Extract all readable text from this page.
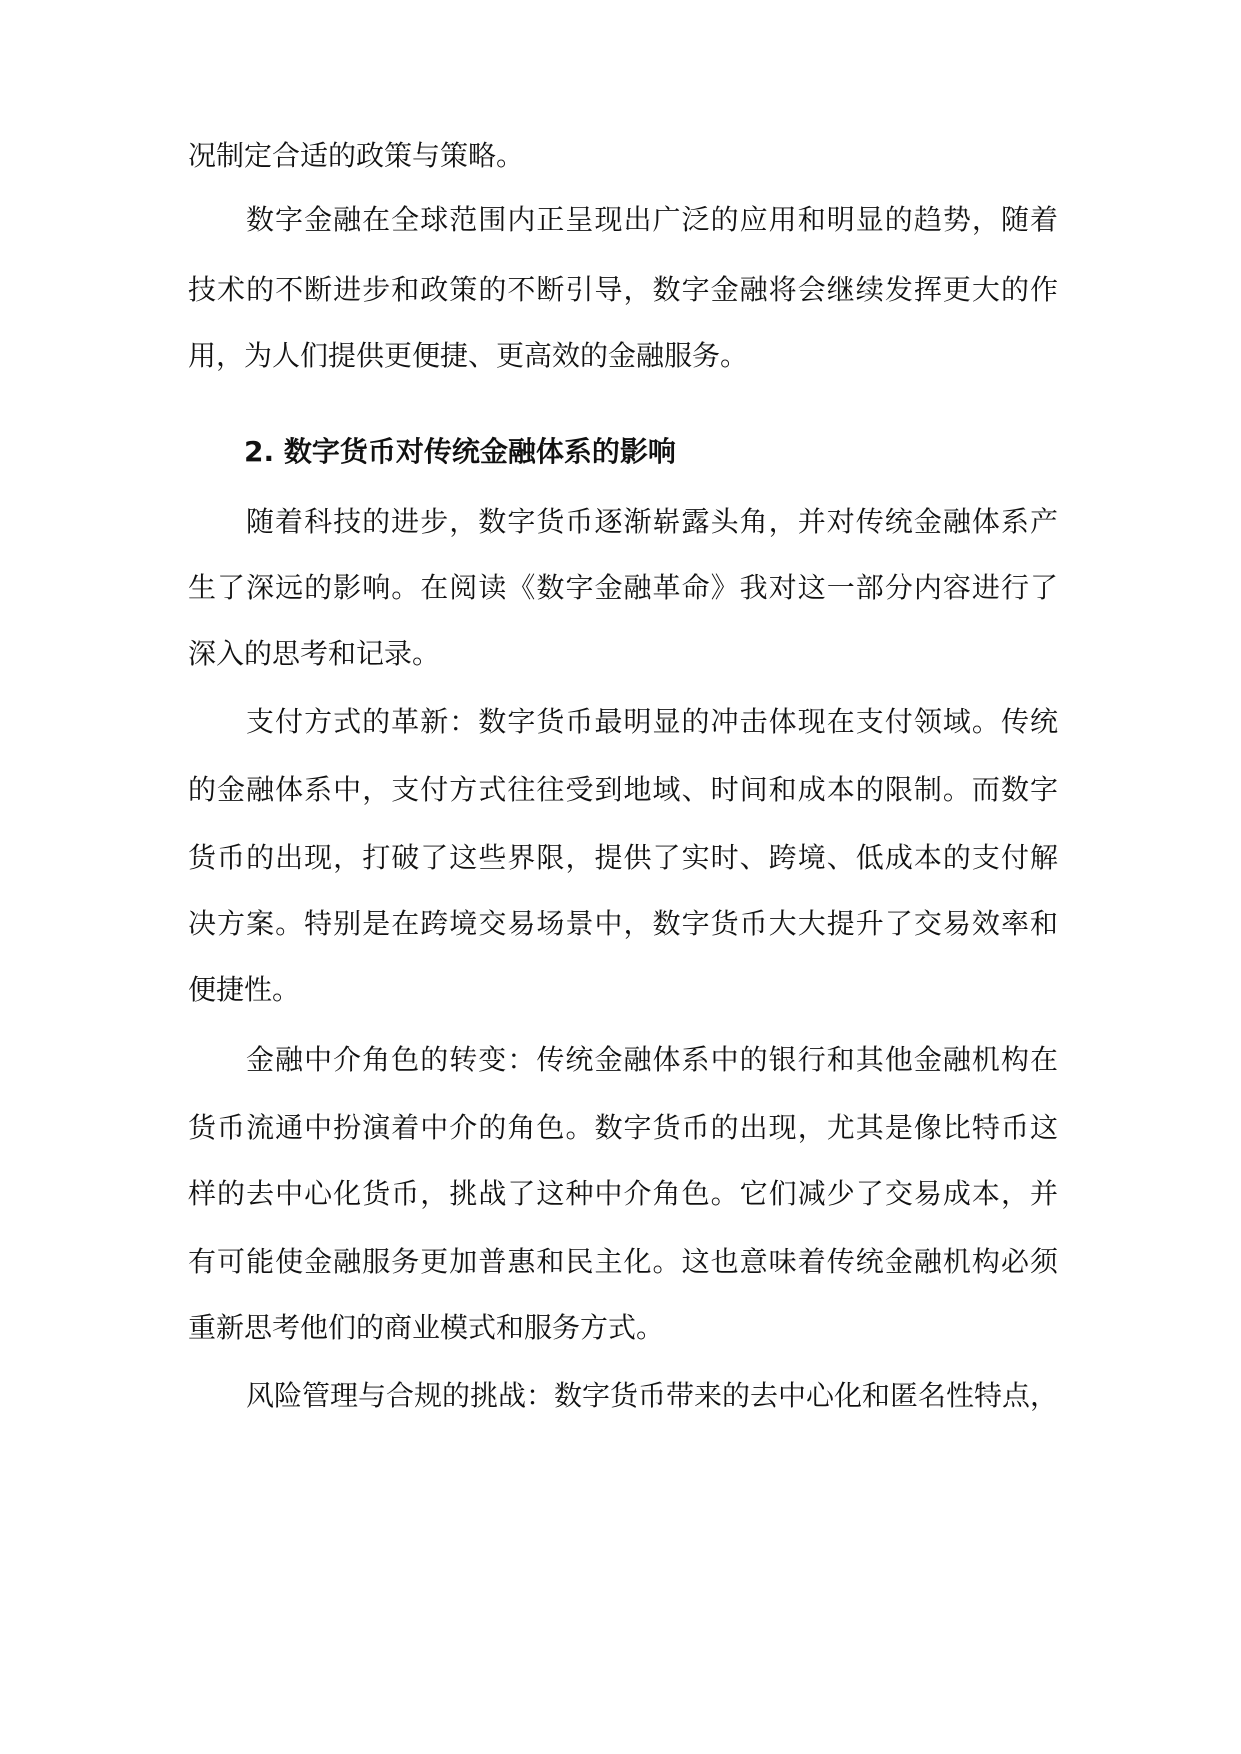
况制定合适的政策与策略。
数字金融在全球范围内正呈现出广泛的应用和明显的趋势，随着
技术的不断进步和政策的不断引导，数字金融将会继续发挥更大的作
用，为人们提供更便捷、更高效的金融服务。
2. 数字货币对传统金融体系的影响
随着科技的进步，数字货币逐渐崭露头角，并对传统金融体系产
生了深远的影响。在阅读《数字金融革命》我对这一部分内容进行了
深入的思考和记录。
支付方式的革新：数字货币最明显的冲击体现在支付领域。传统
的金融体系中，支付方式往往受到地域、时间和成本的限制。而数字
货币的出现，打破了这些界限，提供了实时、跨境、低成本的支付解
决方案。特别是在跨境交易场景中，数字货币大大提升了交易效率和
便捷性。
金融中介角色的转变：传统金融体系中的银行和其他金融机构在
货币流通中扮演着中介的角色。数字货币的出现，尤其是像比特币这
样的去中心化货币，挑战了这种中介角色。它们减少了交易成本，并
有可能使金融服务更加普惠和民主化。这也意味着传统金融机构必须
重新思考他们的商业模式和服务方式。
风险管理与合规的挑战：数字货币带来的去中心化和匿名性特点，
